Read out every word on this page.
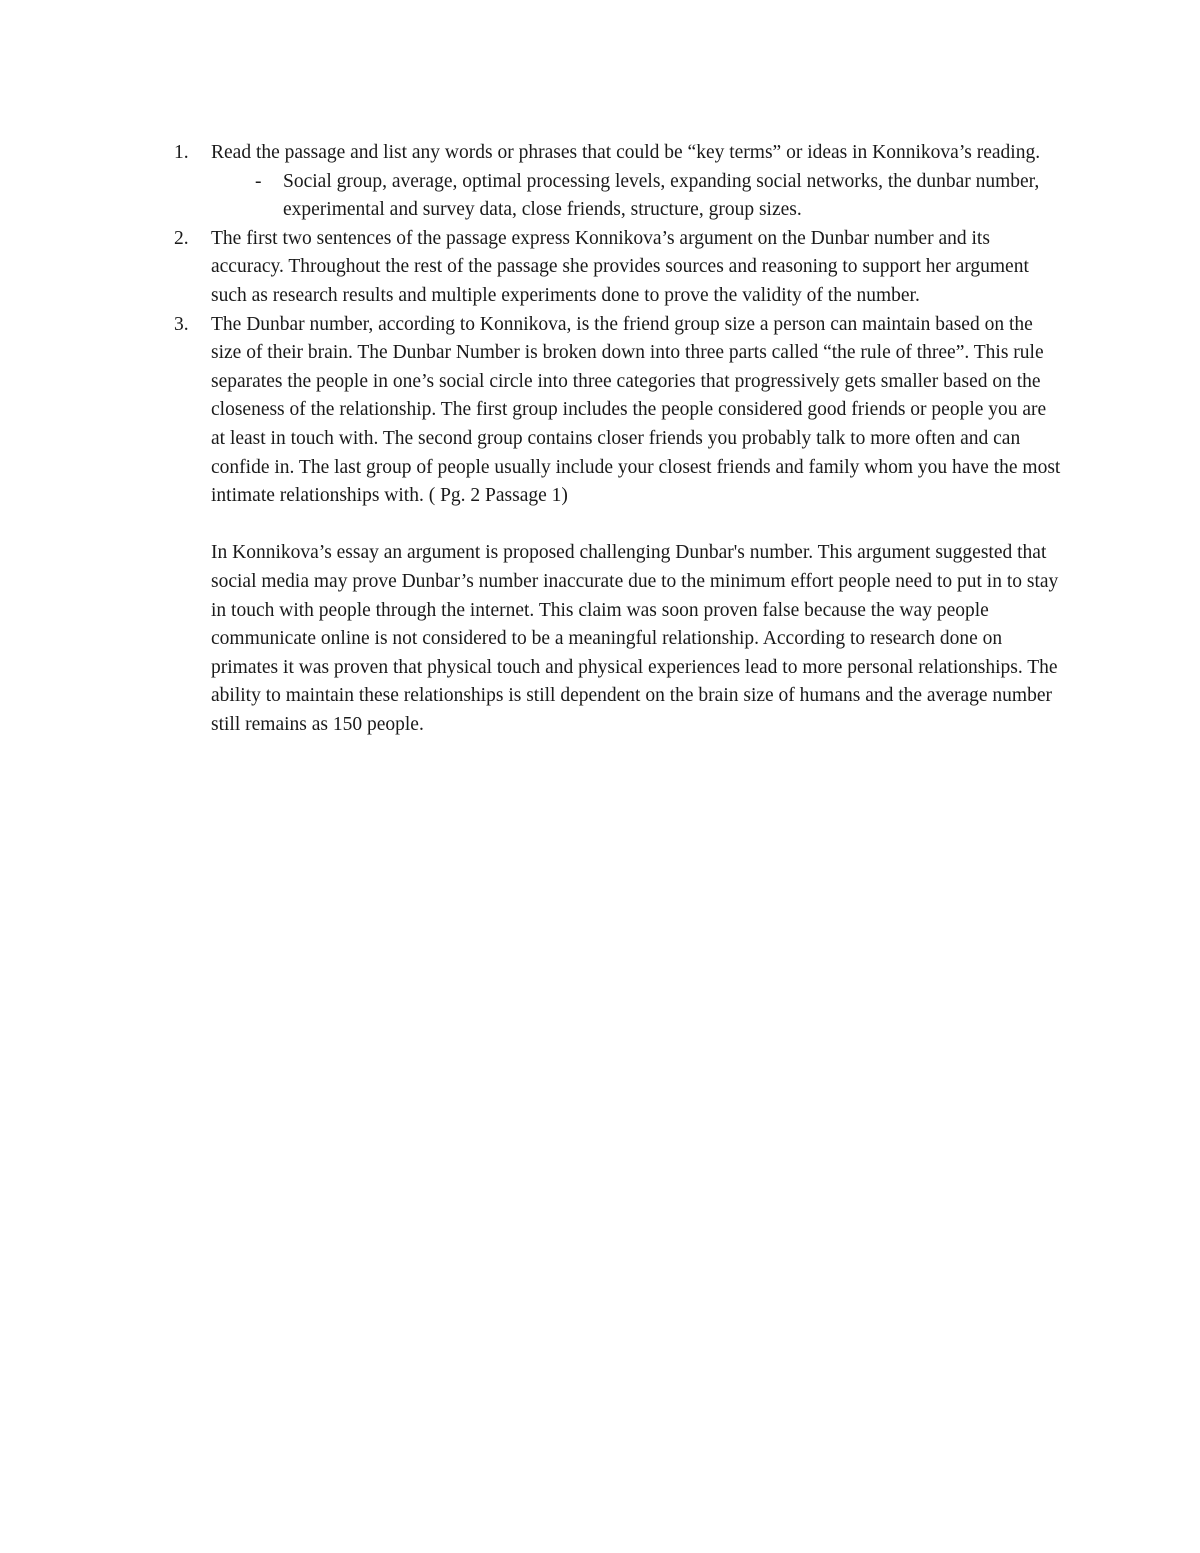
1. Read the passage and list any words or phrases that could be “key terms” or ideas in Konnikova’s reading.
- Social group, average, optimal processing levels, expanding social networks, the dunbar number, experimental and survey data, close friends, structure, group sizes.
2. The first two sentences of the passage express Konnikova’s argument on the Dunbar number and its accuracy. Throughout the rest of the passage she provides sources and reasoning to support her argument such as research results and multiple experiments done to prove the validity of the number.
3. The Dunbar number, according to Konnikova, is the friend group size a person can maintain based on the size of their brain. The Dunbar Number is broken down into three parts called “the rule of three”. This rule separates the people in one’s social circle into three categories that progressively gets smaller based on the closeness of the relationship. The first group includes the people considered good friends or people you are at least in touch with. The second group contains closer friends you probably talk to more often and can confide in. The last group of people usually include your closest friends and family whom you have the most intimate relationships with. ( Pg. 2 Passage 1)
In Konnikova’s essay an argument is proposed challenging Dunbar's number. This argument suggested that social media may prove Dunbar’s number inaccurate due to the minimum effort people need to put in to stay in touch with people through the internet. This claim was soon proven false because the way people communicate online is not considered to be a meaningful relationship. According to research done on primates it was proven that physical touch and physical experiences lead to more personal relationships. The ability to maintain these relationships is still dependent on the brain size of humans and the average number still remains as 150 people.
